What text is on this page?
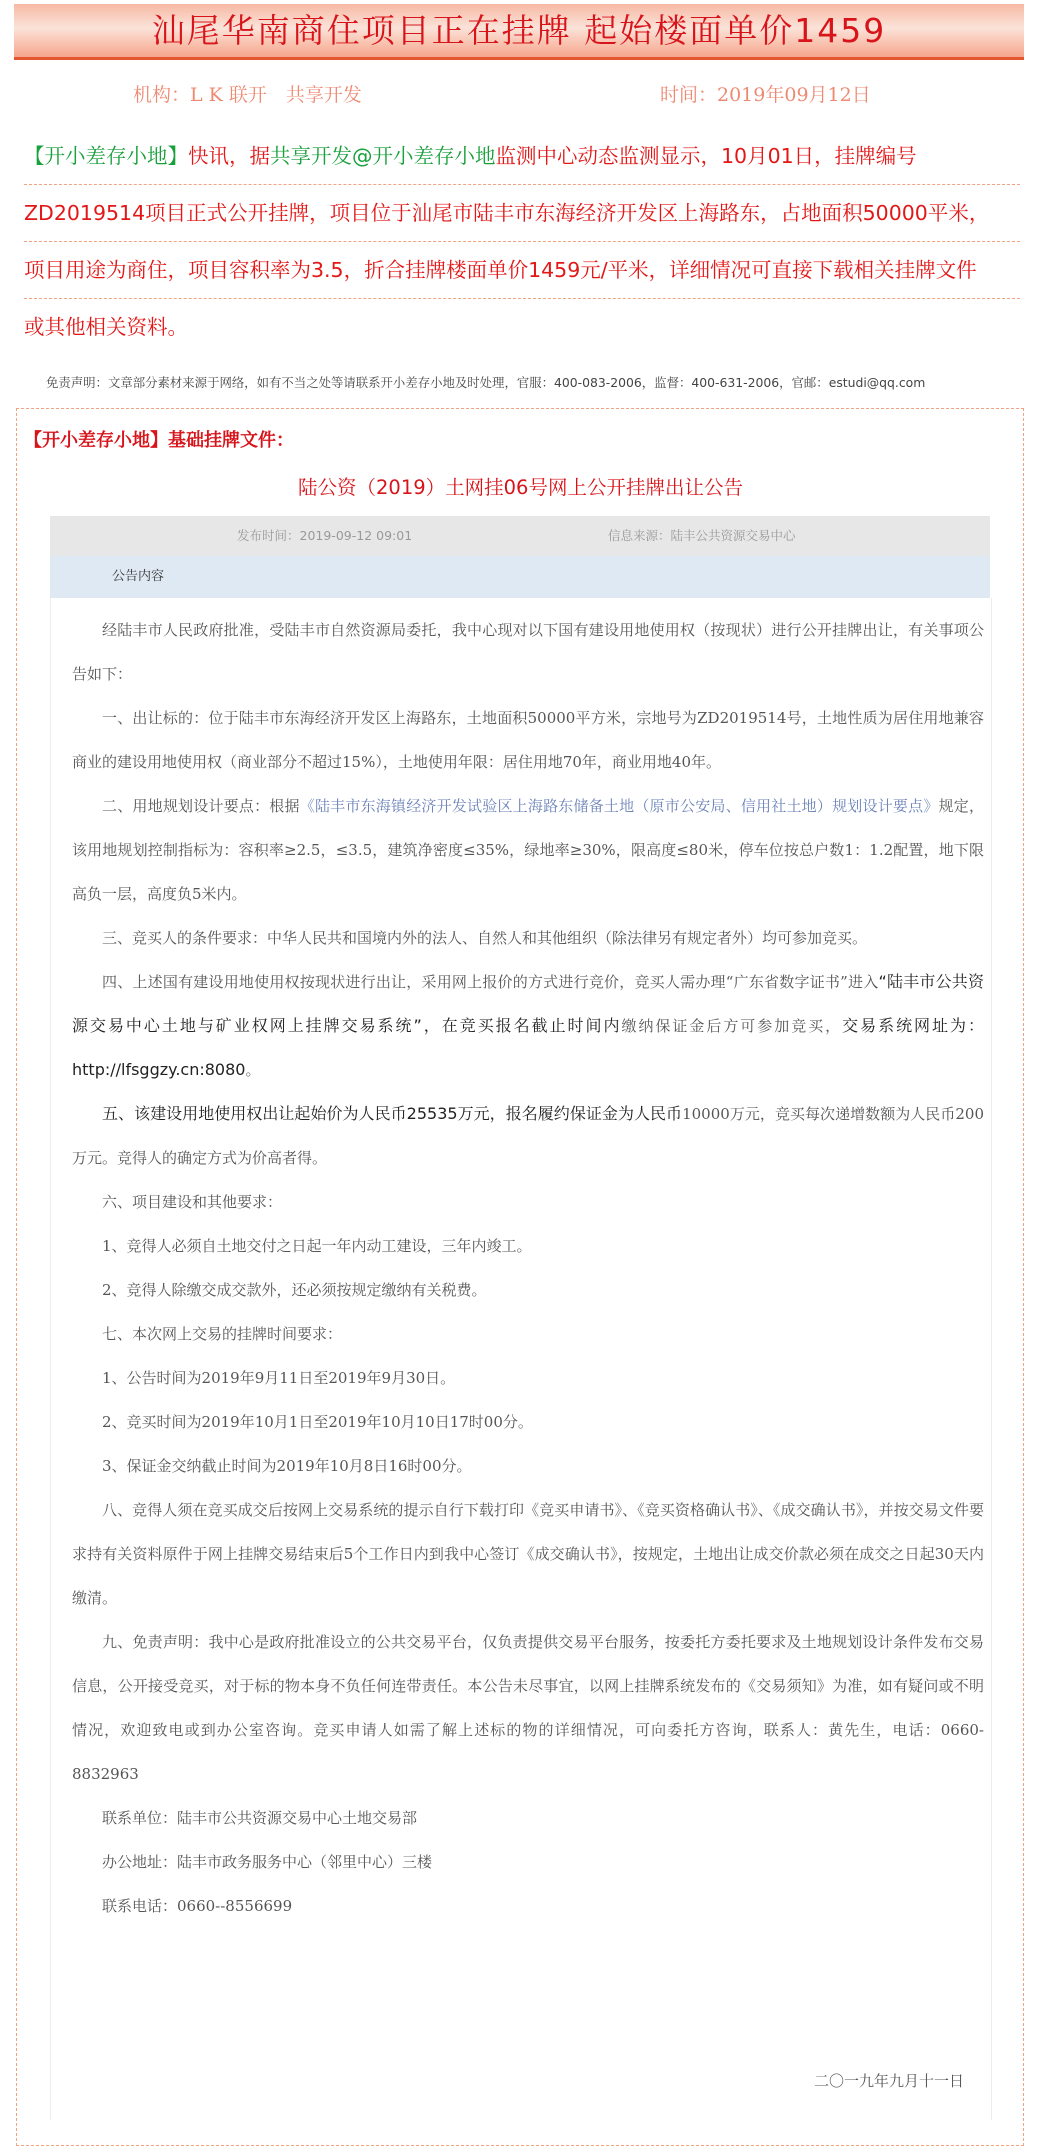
汕尾华南商住项目正在挂牌 起始楼面单价1459
机构：L K 联开　共享开发	时间：2019年09月12日
【开小差存小地】快讯，据共享开发@开小差存小地监测中心动态监测显示，10月01日，挂牌编号
ZD2019514项目正式公开挂牌，项目位于汕尾市陆丰市东海经济开发区上海路东，占地面积50000平米，
项目用途为商住，项目容积率为3.5，折合挂牌楼面单价1459元/平米，详细情况可直接下载相关挂牌文件
或其他相关资料。
免责声明：文章部分素材来源于网络，如有不当之处等请联系开小差存小地及时处理，官服：400-083-2006，监督：400-631-2006，官邮：estudi@qq.com
【开小差存小地】基础挂牌文件：
陆公资（2019）土网挂06号网上公开挂牌出让公告
发布时间：2019-09-12 09:01	信息来源：陆丰公共资源交易中心
公告内容

经陆丰市人民政府批准，受陆丰市自然资源局委托，我中心现对以下国有建设用地使用权（按现状）进行公开挂牌出让，有关事项公告如下：

一、出让标的：位于陆丰市东海经济开发区上海路东，土地面积50000平方米，宗地号为ZD2019514号，土地性质为居住用地兼容商业的建设用地使用权（商业部分不超过15%），土地使用年限：居住用地70年，商业用地40年。

二、用地规划设计要点：根据《陆丰市东海镇经济开发试验区上海路东储备土地（原市公安局、信用社土地）规划设计要点》规定，该用地规划控制指标为：容积率≥2.5，≤3.5，建筑净密度≤35%，绿地率≥30%，限高度≤80米，停车位按总户数1：1.2配置，地下限高负一层，高度负5米内。

三、竞买人的条件要求：中华人民共和国境内外的法人、自然人和其他组织（除法律另有规定者外）均可参加竞买。

四、上述国有建设用地使用权按现状进行出让，采用网上报价的方式进行竞价，竞买人需办理“广东省数字证书”进入“陆丰市公共资源交易中心土地与矿业权网上挂牌交易系统”，在竞买报名截止时间内缴纳保证金后方可参加竞买，交易系统网址为：http://lfsggzy.cn:8080。

五、该建设用地使用权出让起始价为人民币25535万元，报名履约保证金为人民币10000万元，竞买每次递增数额为人民币200万元。竞得人的确定方式为价高者得。

六、项目建设和其他要求：

1、竞得人必须自土地交付之日起一年内动工建设，三年内竣工。

2、竞得人除缴交成交款外，还必须按规定缴纳有关税费。

七、本次网上交易的挂牌时间要求：

1、公告时间为2019年9月11日至2019年9月30日。

2、竞买时间为2019年10月1日至2019年10月10日17时00分。

3、保证金交纳截止时间为2019年10月8日16时00分。

八、竞得人须在竞买成交后按网上交易系统的提示自行下载打印《竞买申请书》、《竞买资格确认书》、《成交确认书》，并按交易文件要求持有关资料原件于网上挂牌交易结束后5个工作日内到我中心签订《成交确认书》，按规定，土地出让成交价款必须在成交之日起30天内缴清。

九、免责声明：我中心是政府批准设立的公共交易平台，仅负责提供交易平台服务，按委托方委托要求及土地规划设计条件发布交易信息，公开接受竞买，对于标的物本身不负任何连带责任。本公告未尽事宜，以网上挂牌系统发布的《交易须知》为准，如有疑问或不明情况，欢迎致电或到办公室咨询。竞买申请人如需了解上述标的物的详细情况，可向委托方咨询，联系人：黄先生，电话：0660-8832963

联系单位：陆丰市公共资源交易中心土地交易部

办公地址：陆丰市政务服务中心（邻里中心）三楼

联系电话：0660--8556699

二〇一九年九月十一日
